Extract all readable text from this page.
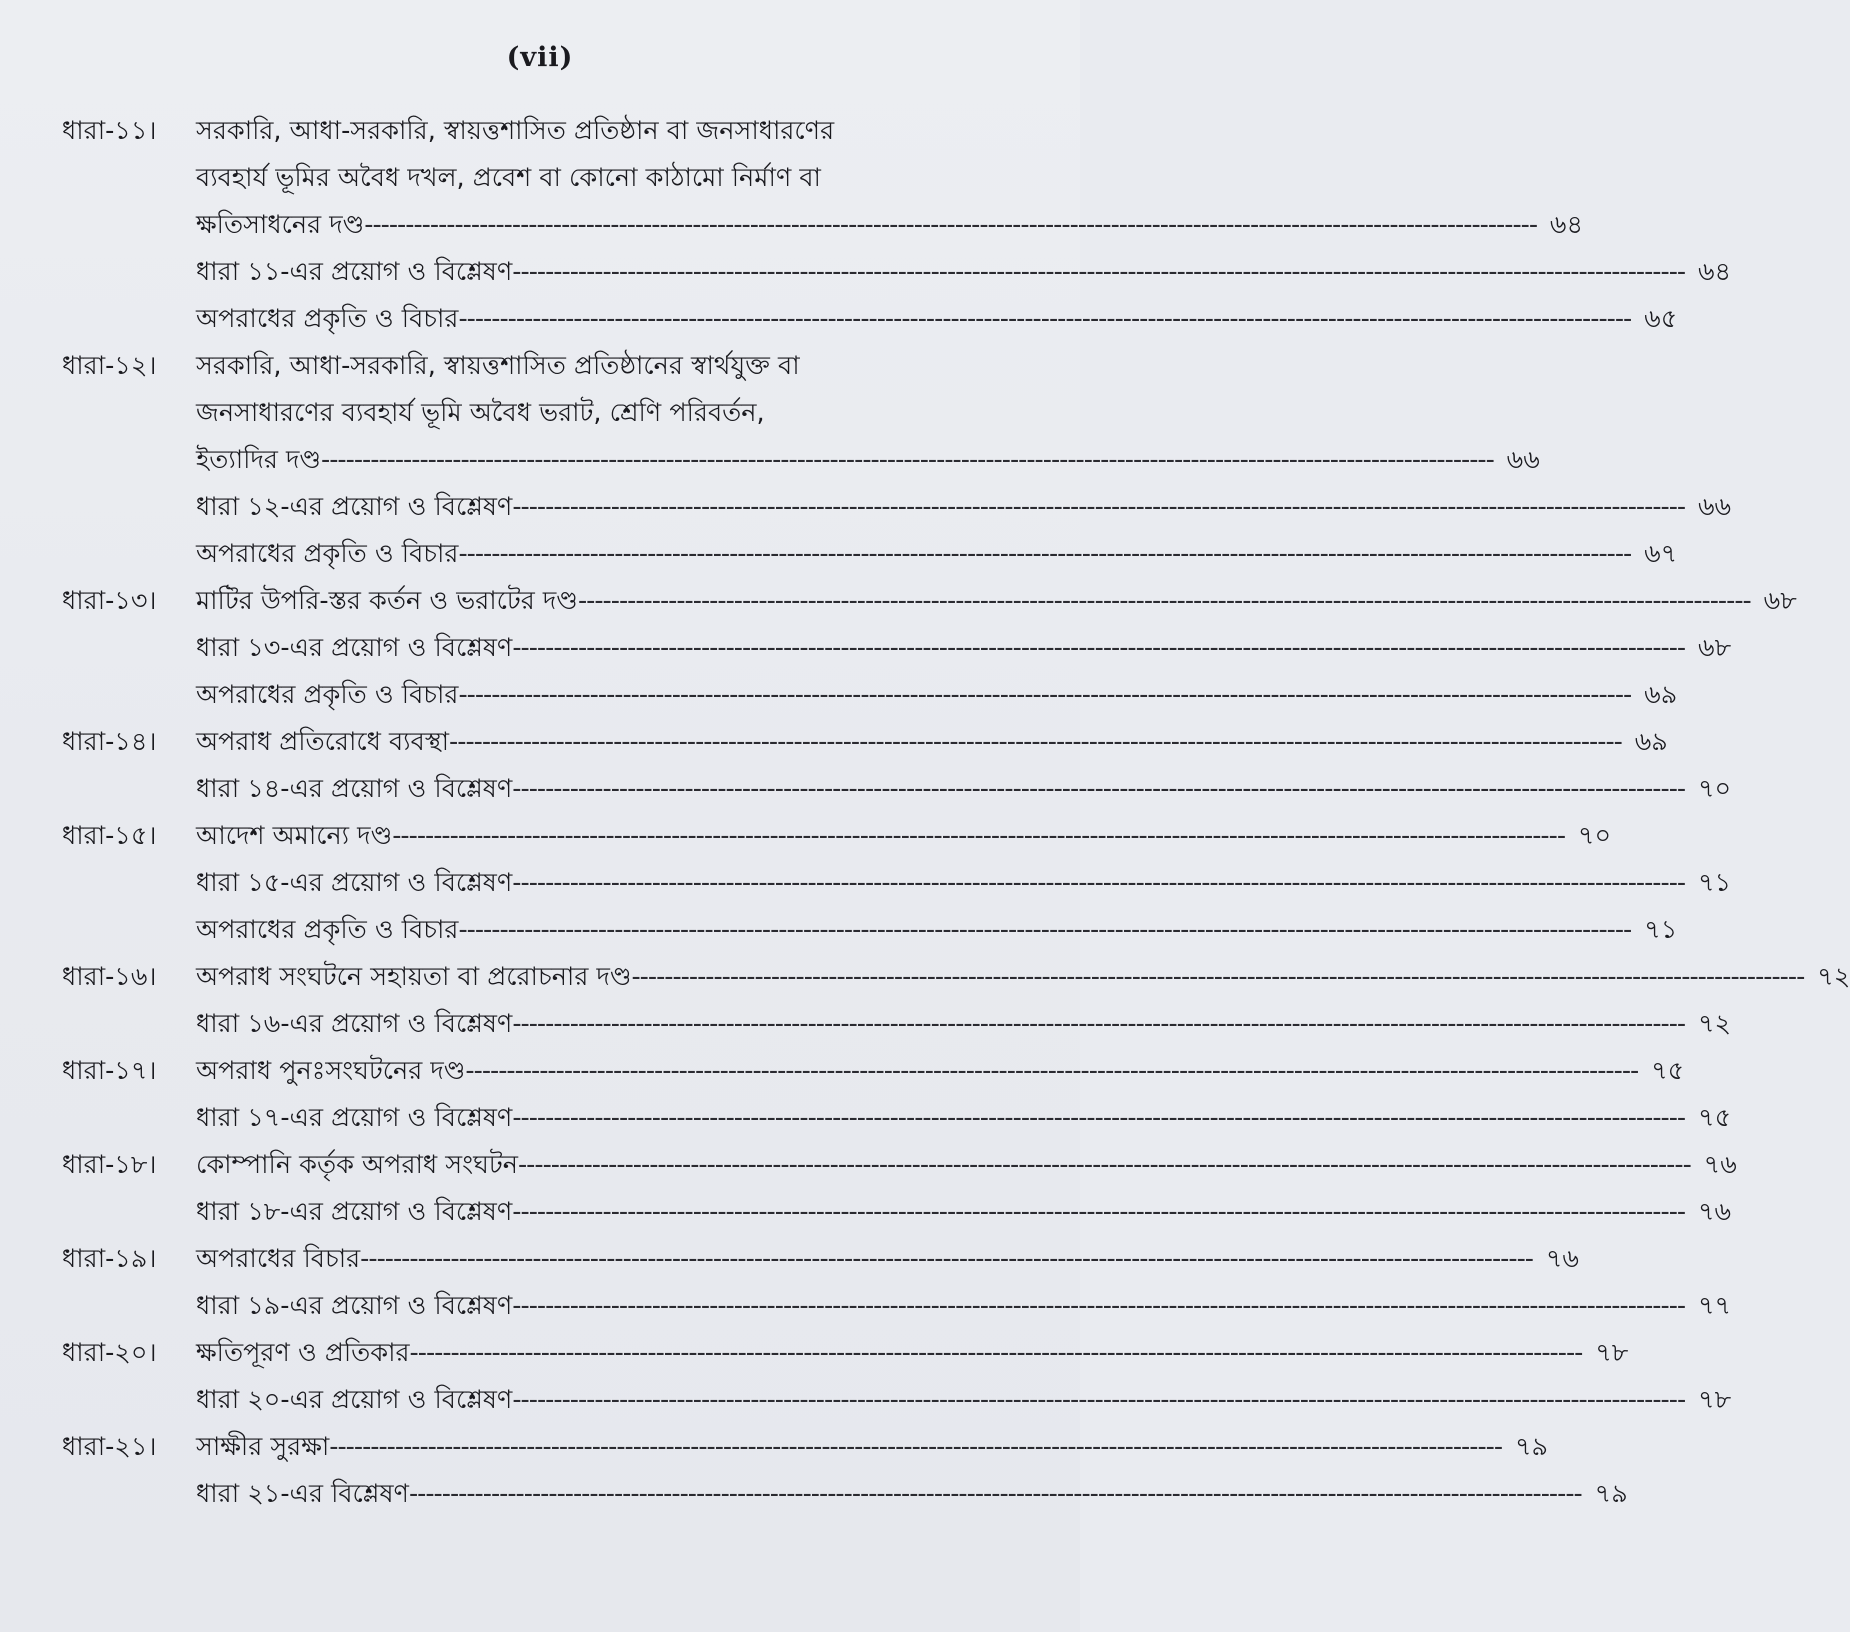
(vii)
ধারা-১১।	সরকারি, আধা-সরকারি, স্বায়ত্তশাসিত প্রতিষ্ঠান বা জনসাধারণের
ব্যবহার্য ভূমির অবৈধ দখল, প্রবেশ বা কোনো কাঠামো নির্মাণ বা
ক্ষতিসাধনের দণ্ড -----	৬৪
ধারা ১১-এর প্রয়োগ ও বিশ্লেষণ -----	৬৪
অপরাধের প্রকৃতি ও বিচার -----	৬৫
ধারা-১২।	সরকারি, আধা-সরকারি, স্বায়ত্তশাসিত প্রতিষ্ঠানের স্বার্থযুক্ত বা
জনসাধারণের ব্যবহার্য ভূমি অবৈধ ভরাট, শ্রেণি পরিবর্তন,
ইত্যাদির দণ্ড -----	৬৬
ধারা ১২-এর প্রয়োগ ও বিশ্লেষণ -----	৬৬
অপরাধের প্রকৃতি ও বিচার -----	৬৭
ধারা-১৩।	মাটির উপরি-স্তর কর্তন ও ভরাটের দণ্ড -----	৬৮
ধারা ১৩-এর প্রয়োগ ও বিশ্লেষণ -----	৬৮
অপরাধের প্রকৃতি ও বিচার -----	৬৯
ধারা-১৪।	অপরাধ প্রতিরোধে ব্যবস্থা -----	৬৯
ধারা ১৪-এর প্রয়োগ ও বিশ্লেষণ -----	৭০
ধারা-১৫।	আদেশ অমান্যে দণ্ড -----	৭০
ধারা ১৫-এর প্রয়োগ ও বিশ্লেষণ -----	৭১
অপরাধের প্রকৃতি ও বিচার -----	৭১
ধারা-১৬।	অপরাধ সংঘটনে সহায়তা বা প্ররোচনার দণ্ড -----	৭২
ধারা ১৬-এর প্রয়োগ ও বিশ্লেষণ -----	৭২
ধারা-১৭।	অপরাধ পুনঃসংঘটনের দণ্ড -----	৭৫
ধারা ১৭-এর প্রয়োগ ও বিশ্লেষণ -----	৭৫
ধারা-১৮।	কোম্পানি কর্তৃক অপরাধ সংঘটন -----	৭৬
ধারা ১৮-এর প্রয়োগ ও বিশ্লেষণ -----	৭৬
ধারা-১৯।	অপরাধের বিচার -----	৭৬
ধারা ১৯-এর প্রয়োগ ও বিশ্লেষণ -----	৭৭
ধারা-২০।	ক্ষতিপূরণ ও প্রতিকার -----	৭৮
ধারা ২০-এর প্রয়োগ ও বিশ্লেষণ -----	৭৮
ধারা-২১।	সাক্ষীর সুরক্ষা -----	৭৯
ধারা ২১-এর বিশ্লেষণ -----	৭৯
